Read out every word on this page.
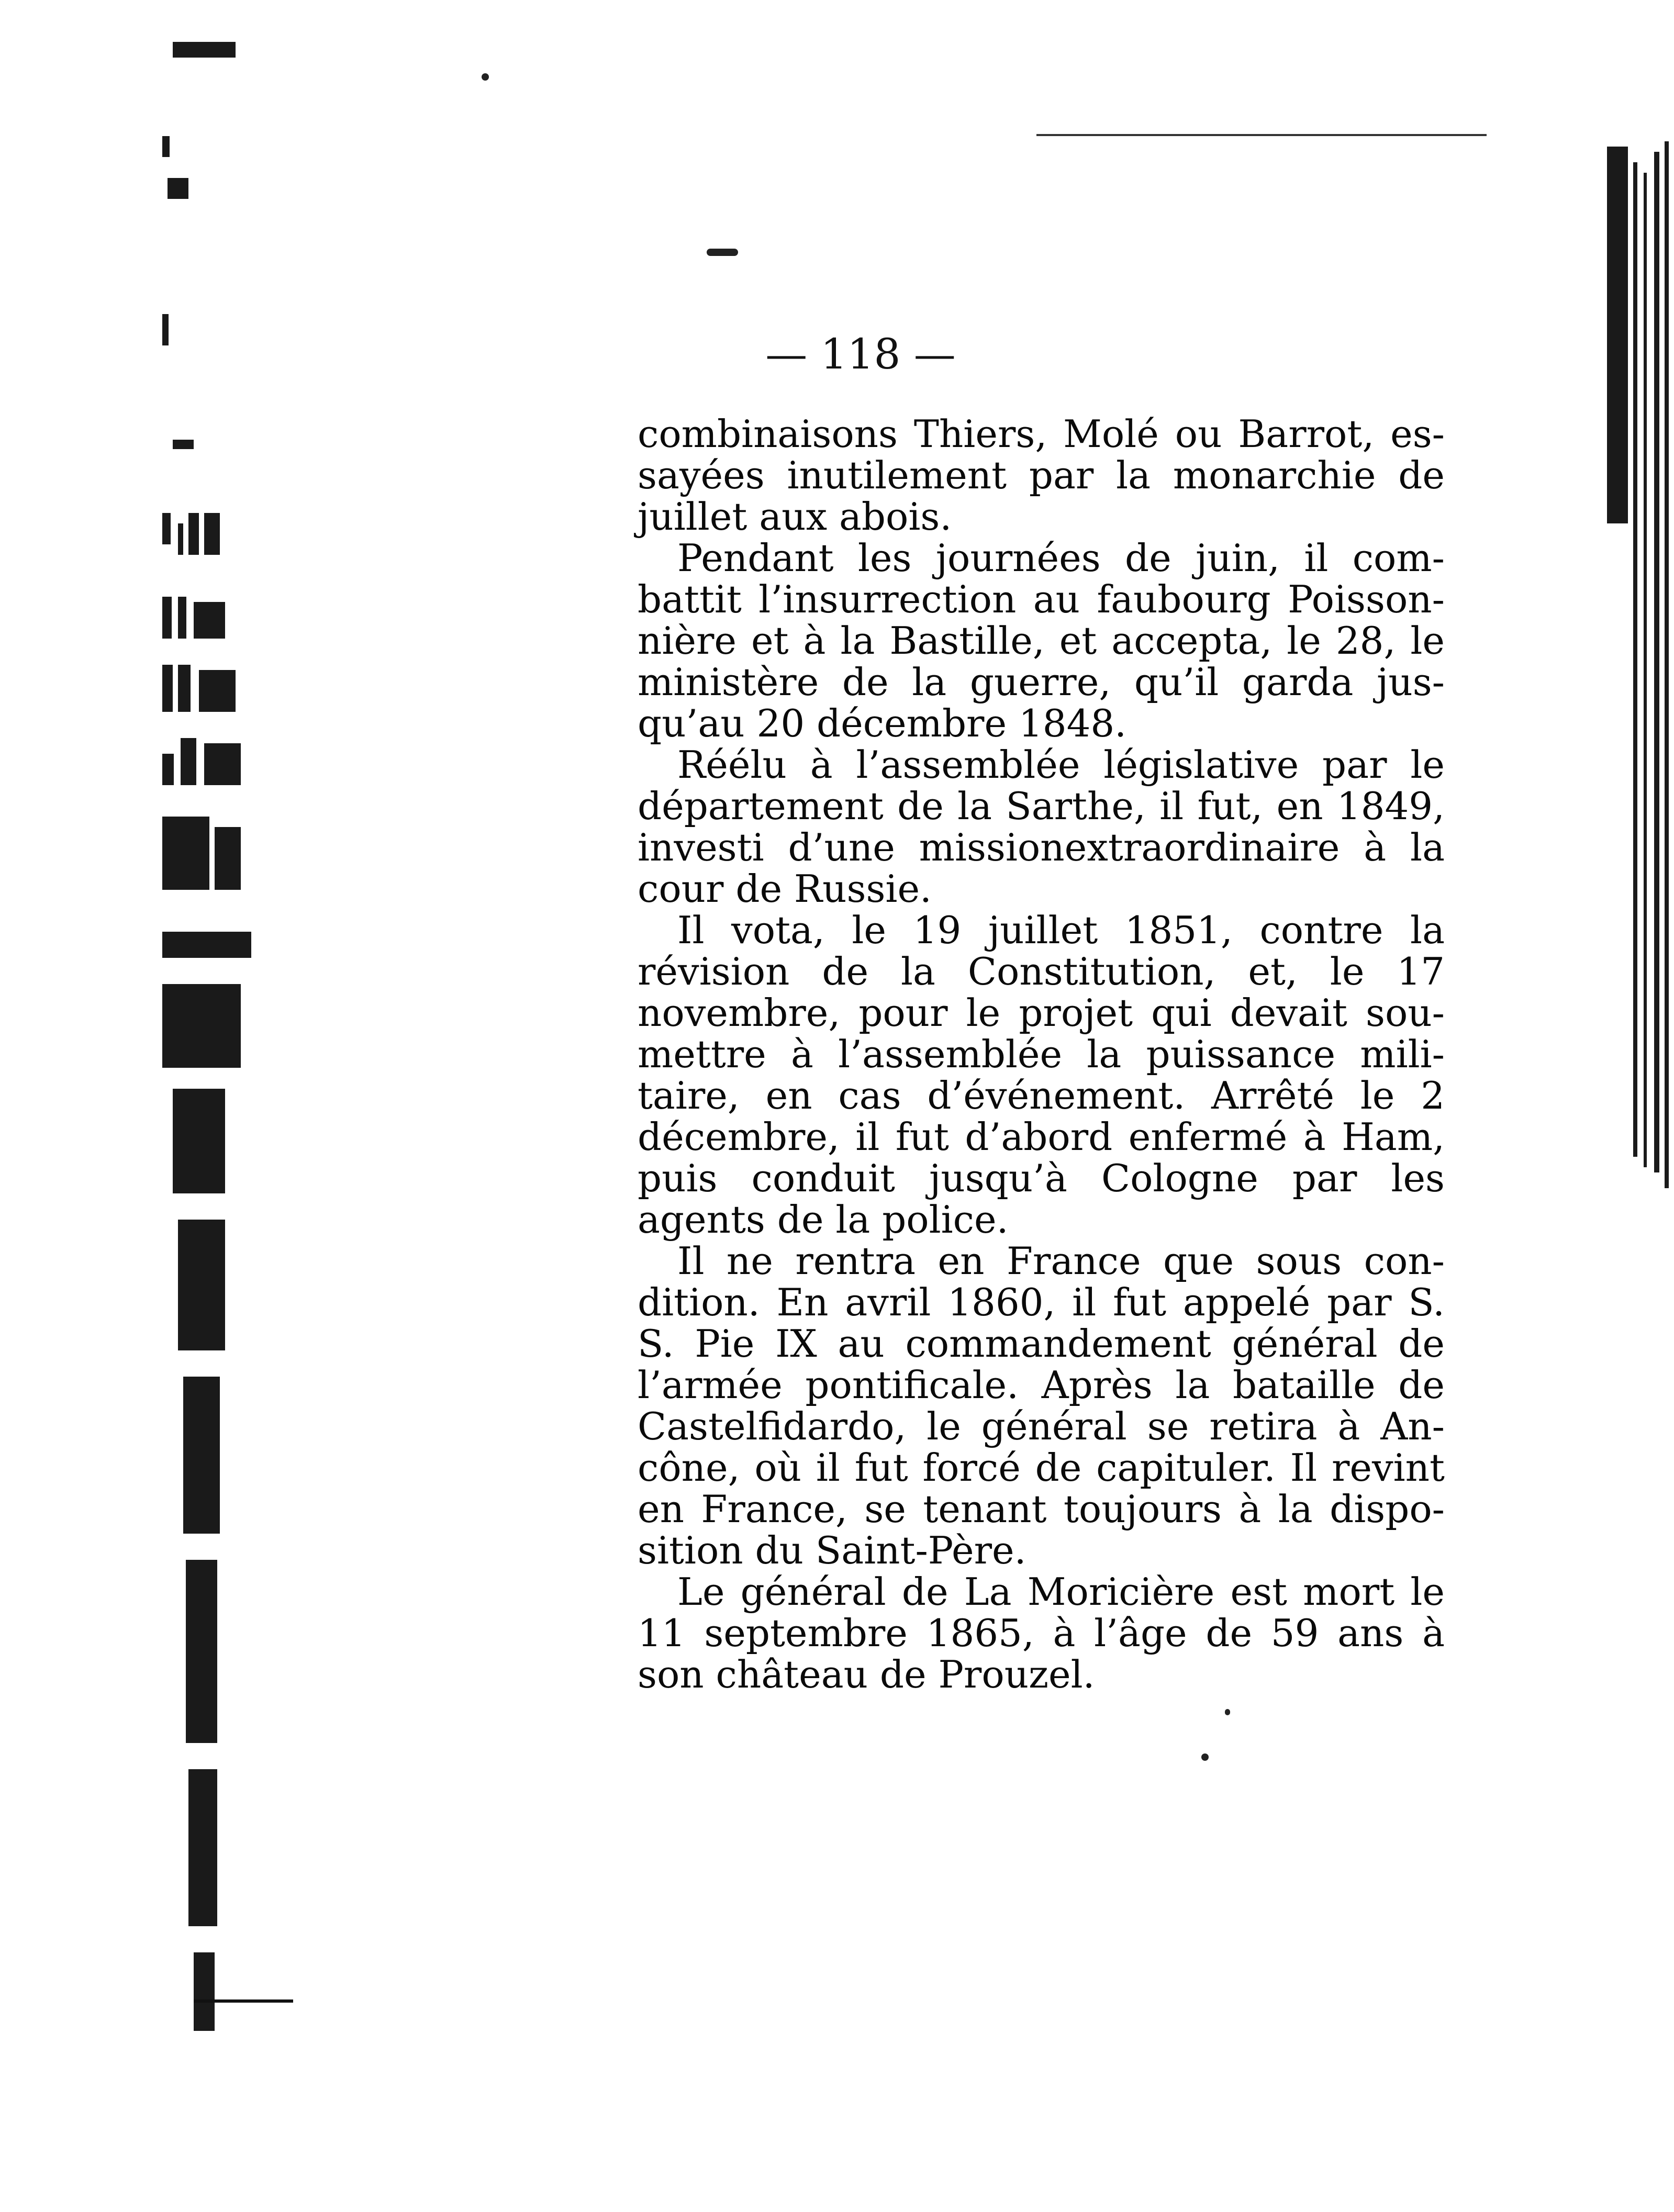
— 118 —
combinaisons Thiers, Molé ou Barrot, es-
sayées inutilement par la monarchie de
juillet aux abois.
Pendant les journées de juin, il com-
battit l’insurrection au faubourg Poisson-
nière et à la Bastille, et accepta, le 28, le
ministère de la guerre, qu’il garda jus-
qu’au 20 décembre 1848.
Réélu à l’assemblée législative par le
département de la Sarthe, il fut, en 1849,
investi d’une missionextraordinaire à la
cour de Russie.
Il vota, le 19 juillet 1851, contre la
révision de la Constitution, et, le 17
novembre, pour le projet qui devait sou-
mettre à l’assemblée la puissance mili-
taire, en cas d’événement. Arrêté le 2
décembre, il fut d’abord enfermé à Ham,
puis conduit jusqu’à Cologne par les
agents de la police.
Il ne rentra en France que sous con-
dition. En avril 1860, il fut appelé par S.
S. Pie IX au commandement général de
l’armée pontificale. Après la bataille de
Castelfidardo, le général se retira à An-
cône, où il fut forcé de capituler. Il revint
en France, se tenant toujours à la dispo-
sition du Saint-Père.
Le général de La Moricière est mort le
11 septembre 1865, à l’âge de 59 ans à
son château de Prouzel.
